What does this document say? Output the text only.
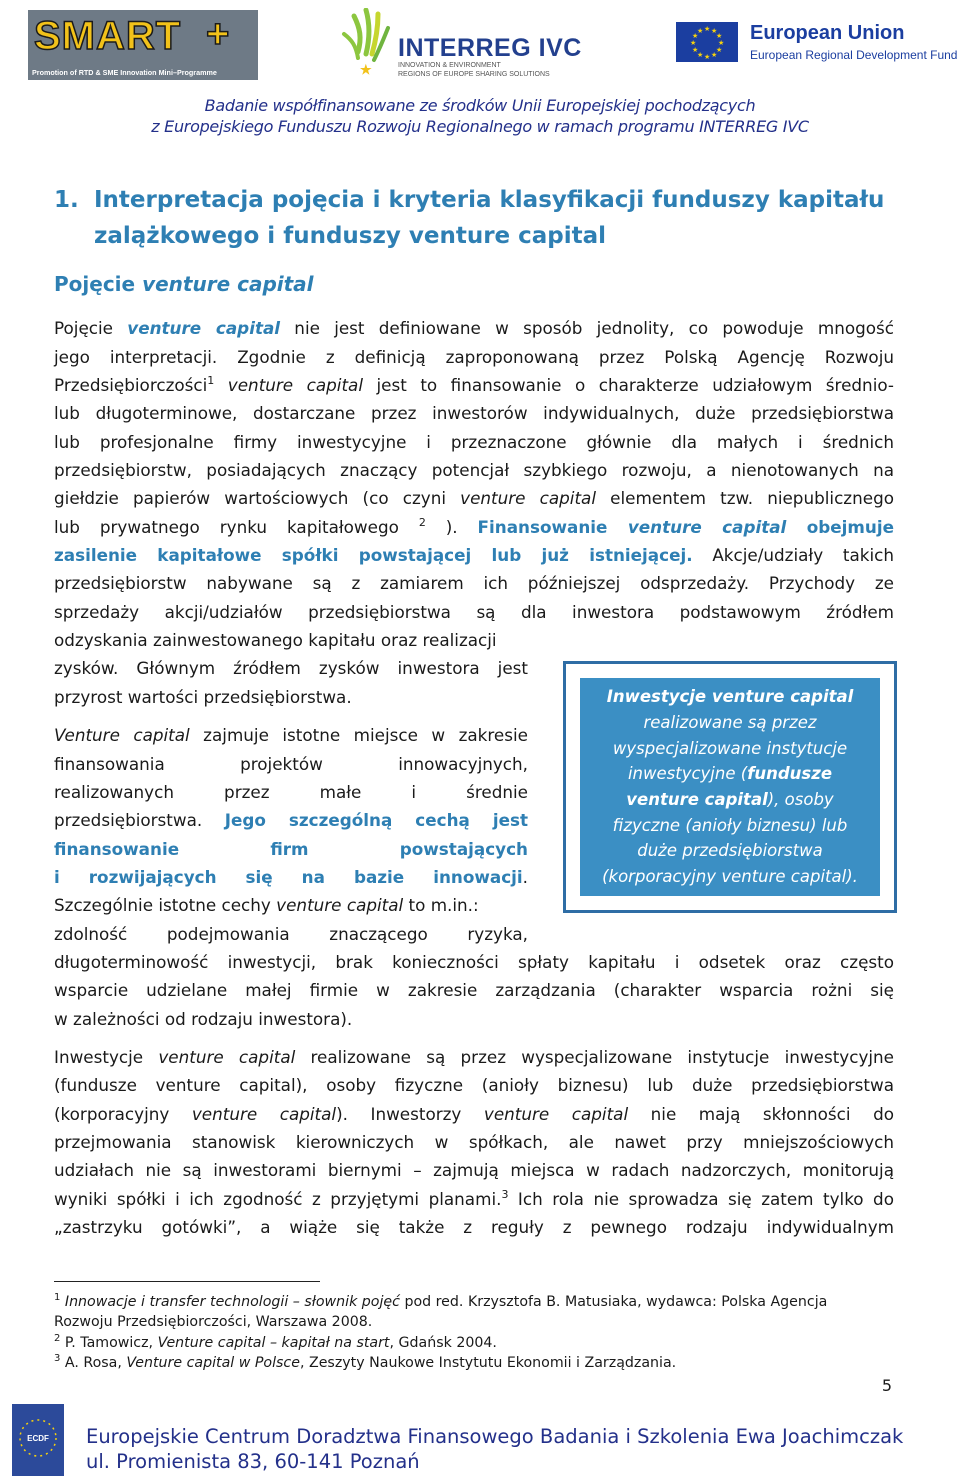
SMART +
Promotion of RTD & SME Innovation Mini–Programme	★
INTERREG IVC
INNOVATION & ENVIRONMENT
REGIONS OF EUROPE SHARING SOLUTIONS
★ ★
★
★
★
★
★
★
★
★
★
★ European Union
European Regional Development Fund
Badanie współfinansowane ze środków Unii Europejskiej pochodzących
z Europejskiego Funduszu Rozwoju Regionalnego w ramach programu INTERREG IVC
1. Interpretacja pojęcia i kryteria klasyfikacji funduszy kapitału
zalążkowego i funduszy venture capital
Pojęcie venture capital
Pojęcie venture capital nie jest definiowane w sposób jednolity, co powoduje mnogość
jego interpretacji. Zgodnie z definicją zaproponowaną przez Polską Agencję Rozwoju
Przedsiębiorczości$^1$ venture capital jest to finansowanie o charakterze udziałowym średnio-
lub długoterminowe, dostarczane przez inwestorów indywidualnych, duże przedsiębiorstwa
lub profesjonalne firmy inwestycyjne i przeznaczone głównie dla małych i średnich
przedsiębiorstw, posiadających znaczący potencjał szybkiego rozwoju, a nienotowanych na
giełdzie papierów wartościowych (co czyni venture capital elementem tzw. niepublicznego
lub prywatnego rynku kapitałowego $^2$ ). Finansowanie venture capital obejmuje
zasilenie kapitałowe spółki powstającej lub już istniejącej. Akcje/udziały takich
przedsiębiorstw nabywane są z zamiarem ich późniejszej odsprzedaży. Przychody ze
sprzedaży akcji/udziałów przedsiębiorstwa są dla inwestora podstawowym źródłem
odzyskania zainwestowanego kapitału oraz realizacji
zysków. Głównym źródłem zysków inwestora jest
przyrost wartości przedsiębiorstwa.
Venture capital zajmuje istotne miejsce w zakresie
finansowania projektów innowacyjnych,
realizowanych przez małe i średnie
przedsiębiorstwa. Jego szczególną cechą jest
finansowanie firm powstających
i rozwijających się na bazie innowacji.
Szczególnie istotne cechy venture capital to m.in.:
zdolność podejmowania znaczącego ryzyka,
długoterminowość inwestycji, brak konieczności spłaty kapitału i odsetek oraz często
wsparcie udzielane małej firmie w zakresie zarządzania (charakter wsparcia rożni się
w zależności od rodzaju inwestora).
Inwestycje venture capital
realizowane są przez
wyspecjalizowane instytucje
inwestycyjne (fundusze
venture capital), osoby
fizyczne (anioły biznesu) lub
duże przedsiębiorstwa
(korporacyjny venture capital).
Inwestycje venture capital realizowane są przez wyspecjalizowane instytucje inwestycyjne
(fundusze venture capital), osoby fizyczne (anioły biznesu) lub duże przedsiębiorstwa
(korporacyjny venture capital). Inwestorzy venture capital nie mają skłonności do
przejmowania stanowisk kierowniczych w spółkach, ale nawet przy mniejszościowych
udziałach nie są inwestorami biernymi – zajmują miejsca w radach nadzorczych, monitorują
wyniki spółki i ich zgodność z przyjętymi planami.$^3$ Ich rola nie sprowadza się zatem tylko do
„zastrzyku gotówki”, a wiąże się także z reguły z pewnego rodzaju indywidualnym
$^1$ Innowacje i transfer technologii – słownik pojęć pod red. Krzysztofa B. Matusiaka, wydawca: Polska Agencja
Rozwoju Przedsiębiorczości, Warszawa 2008.
$^2$ P. Tamowicz, Venture capital – kapitał na start, Gdańsk 2004.
$^3$ A. Rosa, Venture capital w Polsce, Zeszyty Naukowe Instytutu Ekonomii i Zarządzania.
5
ECDF	Europejskie Centrum Doradztwa Finansowego Badania i Szkolenia Ewa Joachimczak
ul. Promienista 83, 60-141 Poznań
